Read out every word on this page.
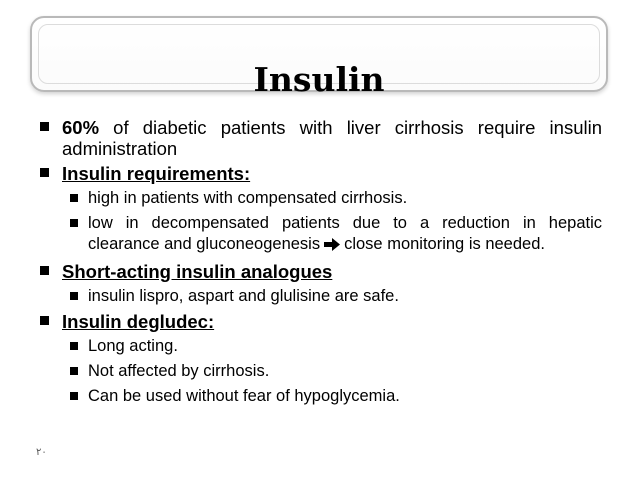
Insulin
60% of diabetic patients with liver cirrhosis require insulin administration
Insulin requirements:
high in patients with compensated cirrhosis.
low in decompensated patients due to a reduction in hepatic clearance and gluconeogenesis close monitoring is needed.
Short-acting insulin analogues
insulin lispro, aspart and glulisine are safe.
Insulin degludec:
Long acting.
Not affected by cirrhosis.
Can be used without fear of hypoglycemia.
٢٠
